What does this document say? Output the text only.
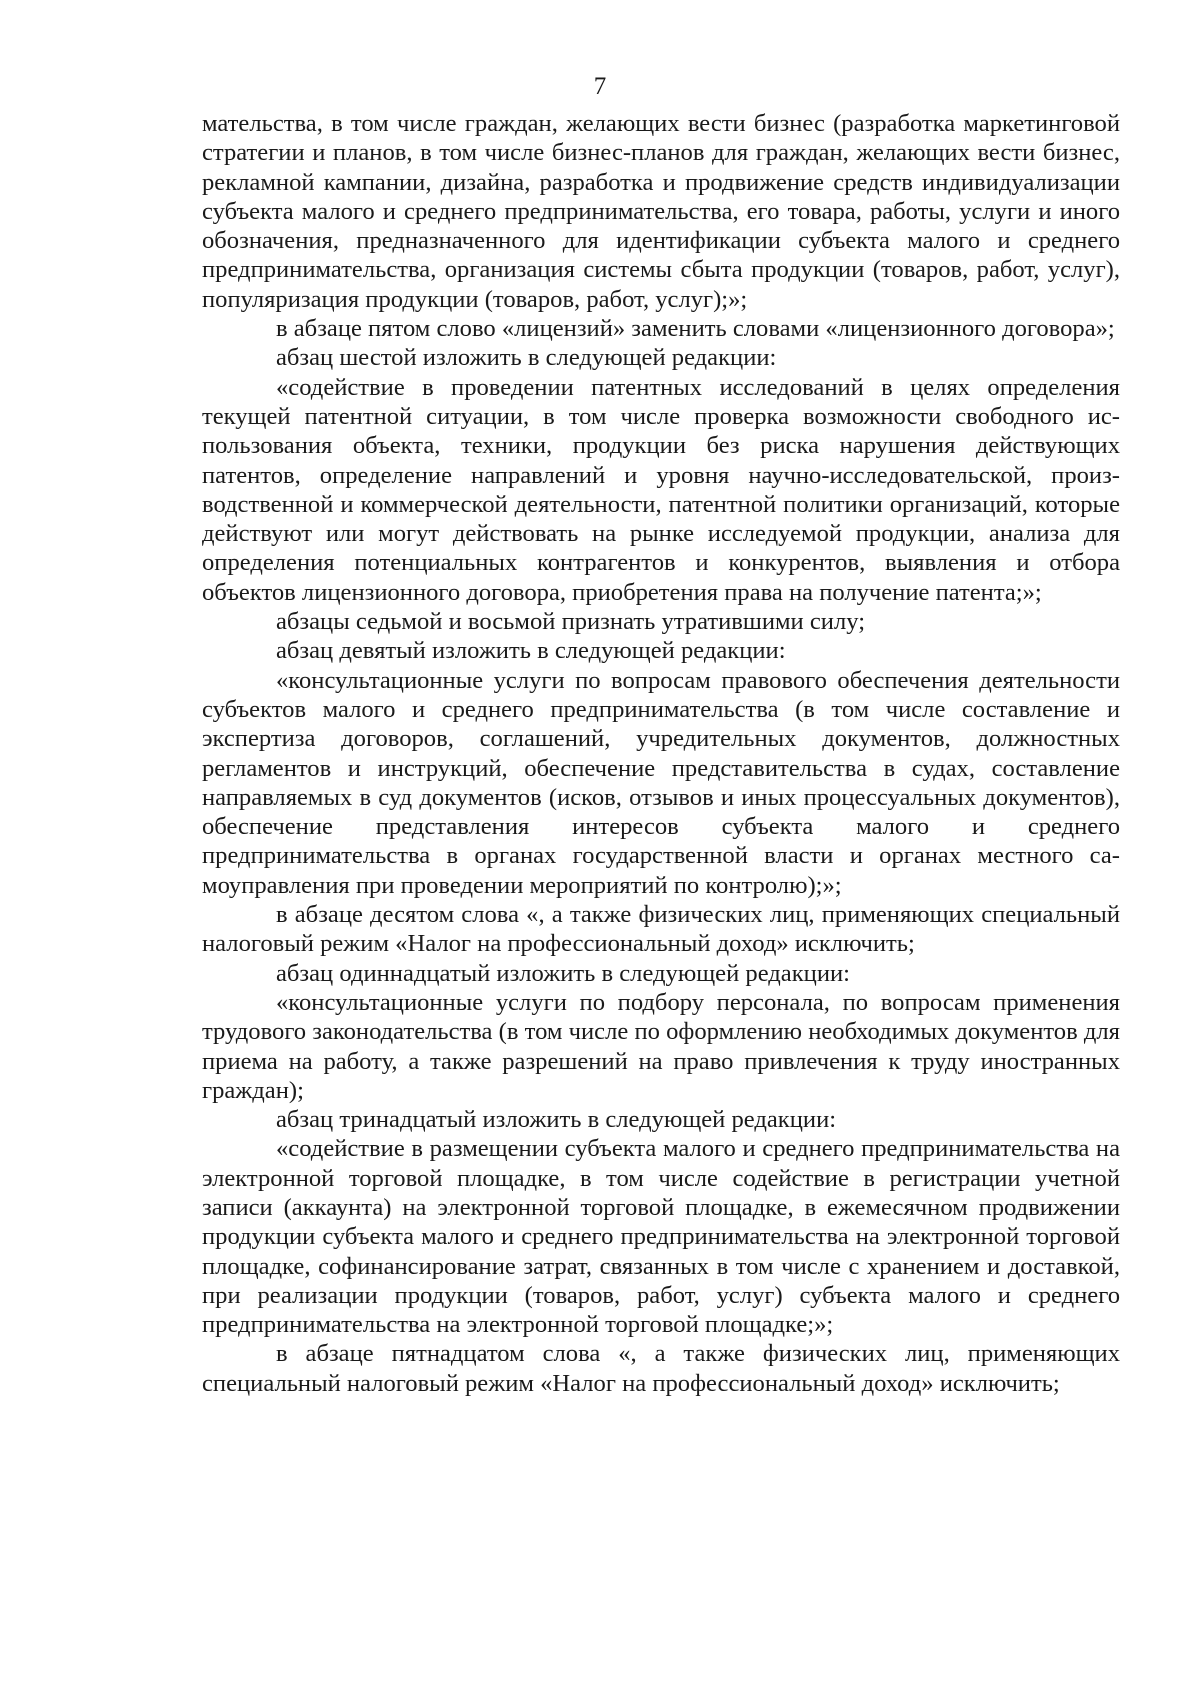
7

мательства, в том числе граждан, желающих вести бизнес (разработка маркетинговой стратегии и планов, в том числе бизнес-планов для граждан, желающих вести бизнес, рекламной кампании, дизайна, разработка и продвижение средств индивидуализации субъекта малого и среднего предпринимательства, его товара, работы, услуги и иного обозначения, предназначенного для идентификации субъекта малого и среднего предпринимательства, организация системы сбыта продукции (товаров, работ, услуг), популяризация продукции (товаров, работ, услуг);»;

в абзаце пятом слово «лицензий» заменить словами «лицензионного договора»;

абзац шестой изложить в следующей редакции:

«содействие в проведении патентных исследований в целях определения текущей патентной ситуации, в том числе проверка возможности свободного использования объекта, техники, продукции без риска нарушения действующих патентов, определение направлений и уровня научно-исследовательской, производственной и коммерческой деятельности, патентной политики организаций, которые действуют или могут действовать на рынке исследуемой продукции, анализа для определения потенциальных контрагентов и конкурентов, выявления и отбора объектов лицензионного договора, приобретения права на получение патента;»;

абзацы седьмой и восьмой признать утратившими силу;

абзац девятый изложить в следующей редакции:

«консультационные услуги по вопросам правового обеспечения деятельности субъектов малого и среднего предпринимательства (в том числе составление и экспертиза договоров, соглашений, учредительных документов, должностных регламентов и инструкций, обеспечение представительства в судах, составление направляемых в суд документов (исков, отзывов и иных процессуальных документов), обеспечение представления интересов субъекта малого и среднего предпринимательства в органах государственной власти и органах местного самоуправления при проведении мероприятий по контролю);»;

в абзаце десятом слова «, а также физических лиц, применяющих специальный налоговый режим «Налог на профессиональный доход» исключить;

абзац одиннадцатый изложить в следующей редакции:

«консультационные услуги по подбору персонала, по вопросам применения трудового законодательства (в том числе по оформлению необходимых документов для приема на работу, а также разрешений на право привлечения к труду иностранных граждан);

абзац тринадцатый изложить в следующей редакции:

«содействие в размещении субъекта малого и среднего предпринимательства на электронной торговой площадке, в том числе содействие в регистрации учетной записи (аккаунта) на электронной торговой площадке, в ежемесячном продвижении продукции субъекта малого и среднего предпринимательства на электронной торговой площадке, софинансирование затрат, связанных в том числе с хранением и доставкой, при реализации продукции (товаров, работ, услуг) субъекта малого и среднего предпринимательства на электронной торговой площадке;»;

в абзаце пятнадцатом слова «, а также физических лиц, применяющих специальный налоговый режим «Налог на профессиональный доход» исключить;
